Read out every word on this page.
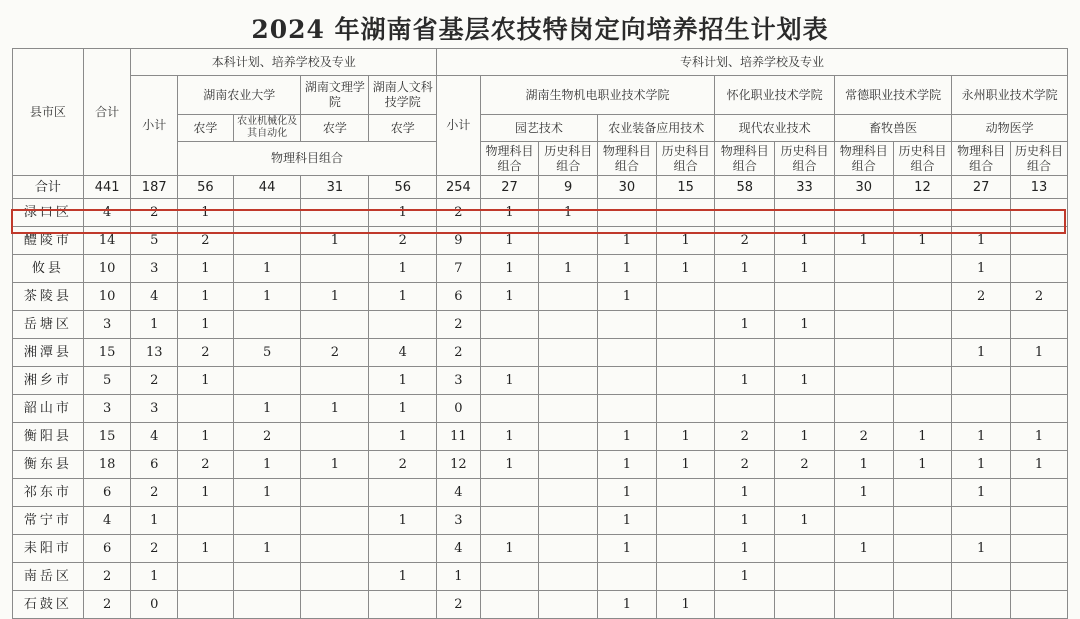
2024 年湖南省基层农技特岗定向培养招生计划表
县市区	合计	本科计划、培养学校及专业					专科计划、培养学校及专业										
		小计	湖南农业大学		湖南文理学院	湖南人文科技学院	小计	湖南生物机电职业技术学院				怀化职业技术学院		常德职业技术学院		永州职业技术学院	
			农学	农业机械化及其自动化	农学	农学		园艺技术		农业装备应用技术		现代农业技术		畜牧兽医		动物医学	
			物理科目组合					物理科目组合	历史科目组合	物理科目组合	历史科目组合	物理科目组合	历史科目组合	物理科目组合	历史科目组合	物理科目组合	历史科目组合
合计	441	187	56	44	31	56	254	27	9	30	15	58	33	30	12	27	13
渌口区	4	2	1			1	2	1	1								
醴陵市	14	5	2		1	2	9	1		1	1	2	1	1	1	1	
攸县	10	3	1	1		1	7	1	1	1	1	1	1			1	
茶陵县	10	4	1	1	1	1	6	1		1						2	2
岳塘区	3	1	1				2					1	1				
湘潭县	15	13	2	5	2	4	2									1	1
湘乡市	5	2	1			1	3	1				1	1				
韶山市	3	3		1	1	1	0										
衡阳县	15	4	1	2		1	11	1		1	1	2	1	2	1	1	1
衡东县	18	6	2	1	1	2	12	1		1	1	2	2	1	1	1	1
祁东市	6	2	1	1			4			1		1		1		1	
常宁市	4	1				1	3			1		1	1				
耒阳市	6	2	1	1			4	1		1		1		1		1	
南岳区	2	1				1	1					1					
石鼓区	2	0					2			1	1						
